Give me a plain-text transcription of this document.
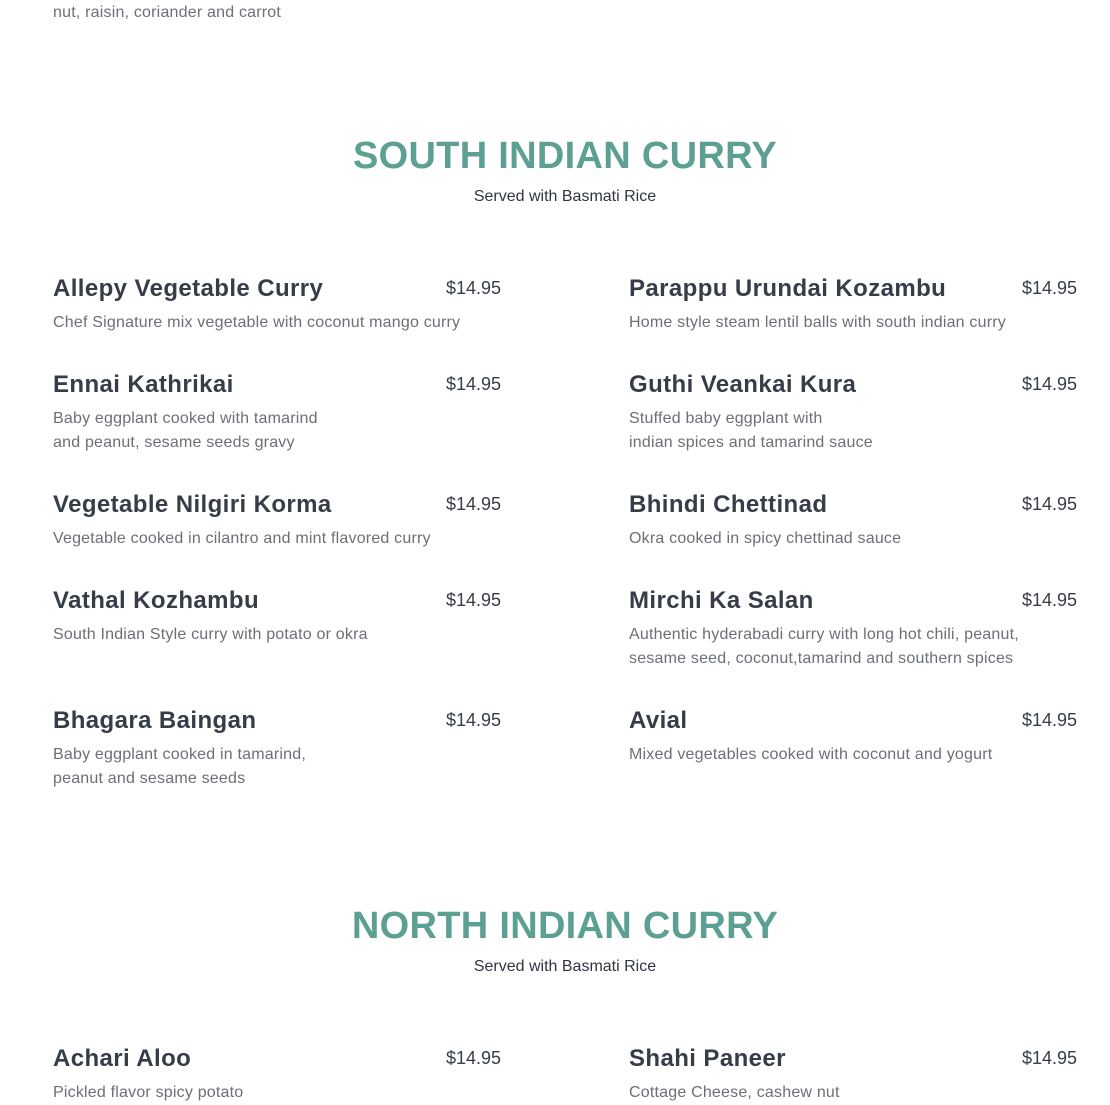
nut, raisin, coriander and carrot
SOUTH INDIAN CURRY
Served with Basmati Rice
Allepy Vegetable Curry	$14.95
Chef Signature mix vegetable with coconut mango curry
Parappu Urundai Kozambu	$14.95
Home style steam lentil balls with south indian curry
Ennai Kathrikai	$14.95
Baby eggplant cooked with tamarind
and peanut, sesame seeds gravy
Guthi Veankai Kura	$14.95
Stuffed baby eggplant with
indian spices and tamarind sauce
Vegetable Nilgiri Korma	$14.95
Vegetable cooked in cilantro and mint flavored curry
Bhindi Chettinad	$14.95
Okra cooked in spicy chettinad sauce
Vathal Kozhambu	$14.95
South Indian Style curry with potato or okra
Mirchi Ka Salan	$14.95
Authentic hyderabadi curry with long hot chili, peanut,
sesame seed, coconut,tamarind and southern spices
Bhagara Baingan	$14.95
Baby eggplant cooked in tamarind,
peanut and sesame seeds
Avial	$14.95
Mixed vegetables cooked with coconut and yogurt
NORTH INDIAN CURRY
Served with Basmati Rice
Achari Aloo	$14.95
Pickled flavor spicy potato
Shahi Paneer	$14.95
Cottage Cheese, cashew nut
